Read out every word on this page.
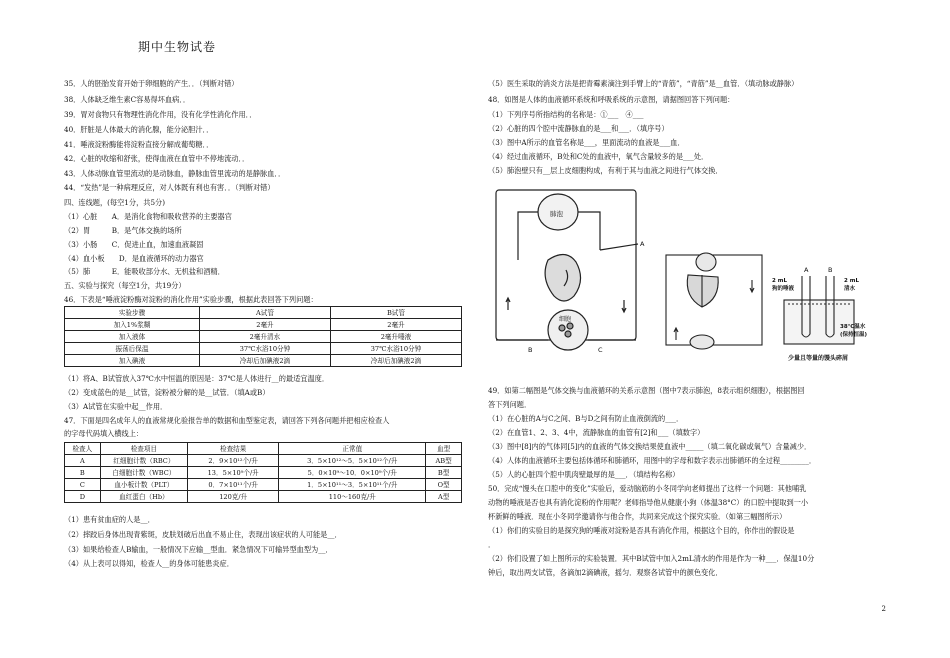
期中生物试卷
35．人的胚胎发育开始于卵细胞的产生．．（判断对错）
38．人体缺乏维生素C容易得坏血病．．
39．胃对食物只有物理性消化作用，没有化学性消化作用．．
40．肝脏是人体最大的消化腺，能分泌胆汁．．
41．唾液淀粉酶能将淀粉直接分解成葡萄糖．．
42．心脏的收缩和舒张，使得血液在血管中不停地流动．．
43．人体动脉血管里流动的是动脉血，静脉血管里流动的是静脉血．．
44．“发热”是一种病理反应，对人体既有利也有害．．（判断对错）
四、连线题，(每空1分，共5分)
（1）心脏　　A．是消化食物和吸收营养的主要器官
（2）胃　　　B．是气体交换的场所
（3）小肠　　C．促进止血，加速血液凝固
（4）血小板　　D．是血液循环的动力器官
（5）肺　　　E．能吸收部分水、无机盐和酒精．
五、实验与探究（每空1分，共19分）
46．下表是“唾液淀粉酶对淀粉的消化作用”实验步骤，根据此表回答下列问题：
实验步骤	A试管	B试管
加入1%浆糊	2毫升	2毫升
加入液体	2毫升清水	2毫升唾液
振荡后保温	37℃水浴10分钟	37℃水浴10分钟
加入碘液	冷却后加碘液2滴	冷却后加碘液2滴
（1）将A、B试管放入37℃水中恒温的原因是：37℃是人体进行__的最适宜温度．
（2）变成蓝色的是__试管，淀粉被分解的是__试管．（填A或B）
（3）A试管在实验中起__作用．
47．下面是四名成年人的血液常规化验报告单的数据和血型鉴定表，请回答下列各问题并把相应检查人
的字母代码填入横线上：
检查人	检查项目	检查结果	正常值	血型
A	红细胞计数（RBC）	2．9×10¹²个/升	3．5×10¹²～5．5×10¹²个/升	AB型
B	白细胞计数（WBC）	13．5×10⁹个/升	5．0×10⁹～10．0×10⁹个/升	B型
C	血小板计数（PLT）	0．7×10¹¹个/升	1．5×10¹¹～3．5×10¹¹个/升	O型
D	血红蛋白（Hb）	120克/升	110～160克/升	A型
（1）患有贫血症的人是__．
（2）摔跤后身体出现青紫斑，皮肤划破后出血不易止住，表现出该症状的人可能是__．
（3）如果给检查人B输血，一般情况下应输__型血．紧急情况下可输异型血型为__．
（4）从上表可以得知，检查人__的身体可能患炎症．
（5）医生采取的消炎方法是把青霉素滴注到手臂上的“青筋”，“青筋”是__血管．（填动脉或静脉）
48．如图是人体的血液循环系统和呼吸系统的示意图，请据图回答下列问题：
（1）下列序号所指结构的名称是：①___　④___
（2）心脏的四个腔中流静脉血的是___和___．（填序号）
（3）图中A所示的血管名称是___，里面流动的血液是___血．
（4）经过血液循环，B处和C处的血液中，氧气含量较多的是___处．
（5）肺泡壁只有__层上皮细胞构成，有利于其与血液之间进行气体交换．
肺泡
细胞
A
B	C
A	B
2 mL
狗的唾液
2 mL
清水
38℃温水
(保持恒温)
少量且等量的馒头碎屑
49．如第二幅图是气体交换与血液循环的关系示意图（图中7表示肺泡，8表示组织细胞），根据图回
答下列问题．
（1）在心脏的A与C之间、B与D之间有防止血液倒流的___．
（2）在血管1、2、3、4中，流静脉血的血管有[2]和___（填数字）
（3）图中[8]内的气体同[5]内的血液的气体交换结果使血液中_____（填二氧化碳或氧气）含量减少．
（4）人体的血液循环主要包括体循环和肺循环，用图中的字母和数字表示出肺循环的全过程________．
（5）人的心脏四个腔中肌肉壁最厚的是___．（填结构名称）
50．完成“馒头在口腔中的变化”实验后，爱动脑筋的小冬同学向老师提出了这样一个问题：其他哺乳
动物的唾液是否也具有消化淀粉的作用呢？老师指导他从健康小狗（体温38°C）的口腔中提取到一小
杯新鲜的唾液．现在小冬同学邀请你与他合作，共同来完成这个探究实验．（如第三幅图所示）
（1）你们的实验目的是探究狗的唾液对淀粉是否具有消化作用，根据这个目的，你作出的假设是
．
（2）你们设置了如上图所示的实验装置．其中B试管中加入2mL清水的作用是作为一种___．保温10分
钟后，取出两支试管，各滴加2滴碘液，摇匀．观察各试管中的颜色变化．
2
